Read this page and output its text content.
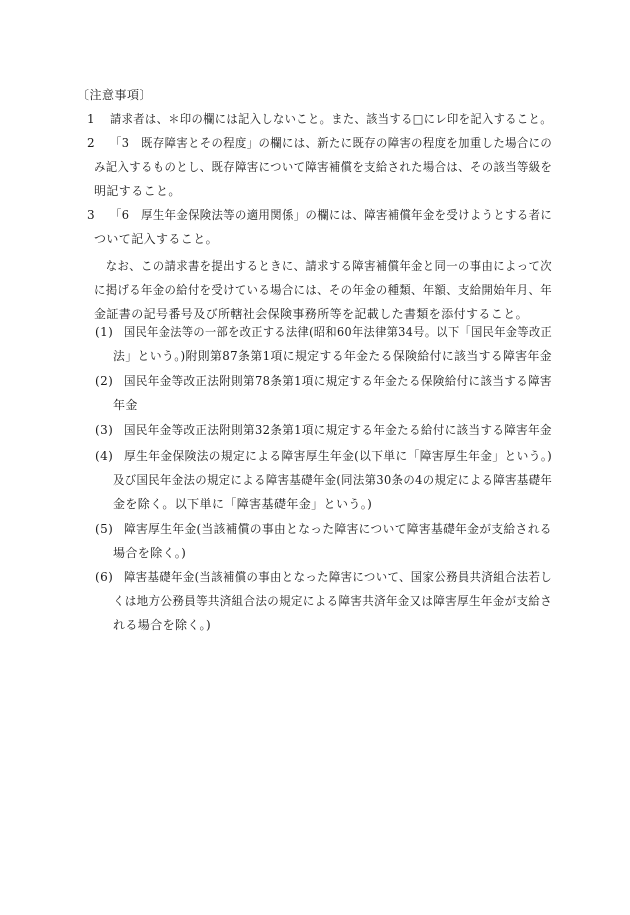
〔注意事項〕
1 請求者は、＊印の欄には記入しないこと。また、該当する□にレ印を記入すること。
2 「3　既存障害とその程度」の欄には、新たに既存の障害の程度を加重した場合にの
み記入するものとし、既存障害について障害補償を支給された場合は、その該当等級を
明記すること。
3 「6　厚生年金保険法等の適用関係」の欄には、障害補償年金を受けようとする者に
ついて記入すること。
　なお、この請求書を提出するときに、請求する障害補償年金と同一の事由によって次
に掲げる年金の給付を受けている場合には、その年金の種類、年額、支給開始年月、年
金証書の記号番号及び所轄社会保険事務所等を記載した書類を添付すること。
(1) 国民年金法等の一部を改正する法律(昭和60年法律第34号。以下「国民年金等改正
法」という。)附則第87条第1項に規定する年金たる保険給付に該当する障害年金
(2) 国民年金等改正法附則第78条第1項に規定する年金たる保険給付に該当する障害
年金
(3) 国民年金等改正法附則第32条第1項に規定する年金たる給付に該当する障害年金
(4) 厚生年金保険法の規定による障害厚生年金(以下単に「障害厚生年金」という。)
及び国民年金法の規定による障害基礎年金(同法第30条の4の規定による障害基礎年
金を除く。以下単に「障害基礎年金」という。)
(5) 障害厚生年金(当該補償の事由となった障害について障害基礎年金が支給される
場合を除く。)
(6) 障害基礎年金(当該補償の事由となった障害について、国家公務員共済組合法若し
くは地方公務員等共済組合法の規定による障害共済年金又は障害厚生年金が支給さ
れる場合を除く。)
